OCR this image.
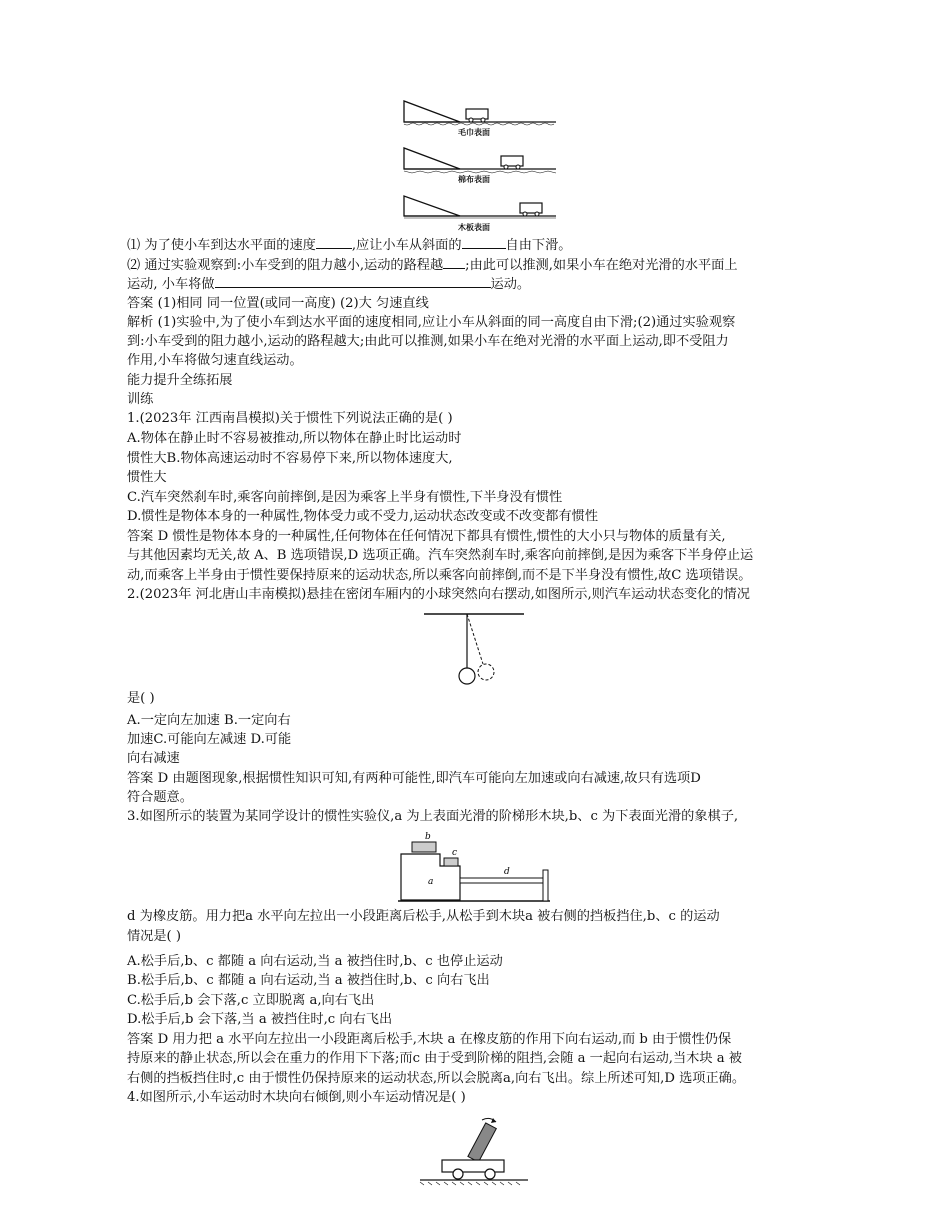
毛巾表面
棉布表面
木板表面
⑴ 为了使小车到达水平面的速度	,应让小车从斜面的	自由下滑。
⑵ 通过实验观察到:小车受到的阻力越小,运动的路程越 ;由此可以推测,如果小车在绝对光滑的水平面上
运动, 小车将做	运动。
答案 (1)相同 同一位置(或同一高度) (2)大 匀速直线
解析 (1)实验中,为了使小车到达水平面的速度相同,应让小车从斜面的同一高度自由下滑;(2)通过实验观察
到:小车受到的阻力越小,运动的路程越大;由此可以推测,如果小车在绝对光滑的水平面上运动,即不受阻力
作用,小车将做匀速直线运动。
能力提升全练拓展
训练
1.(2023年 江西南昌模拟)关于惯性下列说法正确的是( )
A.物体在静止时不容易被推动,所以物体在静止时比运动时
惯性大B.物体高速运动时不容易停下来,所以物体速度大,
惯性大
C.汽车突然刹车时,乘客向前摔倒,是因为乘客上半身有惯性,下半身没有惯性
D.惯性是物体本身的一种属性,物体受力或不受力,运动状态改变或不改变都有惯性
答案 D 惯性是物体本身的一种属性,任何物体在任何情况下都具有惯性,惯性的大小只与物体的质量有关,
与其他因素均无关,故 A、B 选项错误,D 选项正确。汽车突然刹车时,乘客向前摔倒,是因为乘客下半身停止运
动,而乘客上半身由于惯性要保持原来的运动状态,所以乘客向前摔倒,而不是下半身没有惯性,故C 选项错误。
2.(2023年 河北唐山丰南模拟)悬挂在密闭车厢内的小球突然向右摆动,如图所示,则汽车运动状态变化的情况
是( )
A.一定向左加速 B.一定向右
加速C.可能向左减速 D.可能
向右减速
答案 D 由题图现象,根据惯性知识可知,有两种可能性,即汽车可能向左加速或向右减速,故只有选项D
符合题意。
3.如图所示的装置为某同学设计的惯性实验仪,a 为上表面光滑的阶梯形木块,b、c 为下表面光滑的象棋子,
b
c
a
d
d 为橡皮筋。用力把a 水平向左拉出一小段距离后松手,从松手到木块a 被右侧的挡板挡住,b、c 的运动
情况是( )
A.松手后,b、c 都随 a 向右运动,当 a 被挡住时,b、c 也停止运动
B.松手后,b、c 都随 a 向右运动,当 a 被挡住时,b、c 向右飞出
C.松手后,b 会下落,c 立即脱离 a,向右飞出
D.松手后,b 会下落,当 a 被挡住时,c 向右飞出
答案 D 用力把 a 水平向左拉出一小段距离后松手,木块 a 在橡皮筋的作用下向右运动,而 b 由于惯性仍保
持原来的静止状态,所以会在重力的作用下下落;而c 由于受到阶梯的阻挡,会随 a 一起向右运动,当木块 a 被
右侧的挡板挡住时,c 由于惯性仍保持原来的运动状态,所以会脱离a,向右飞出。综上所述可知,D 选项正确。
4.如图所示,小车运动时木块向右倾倒,则小车运动情况是( )
